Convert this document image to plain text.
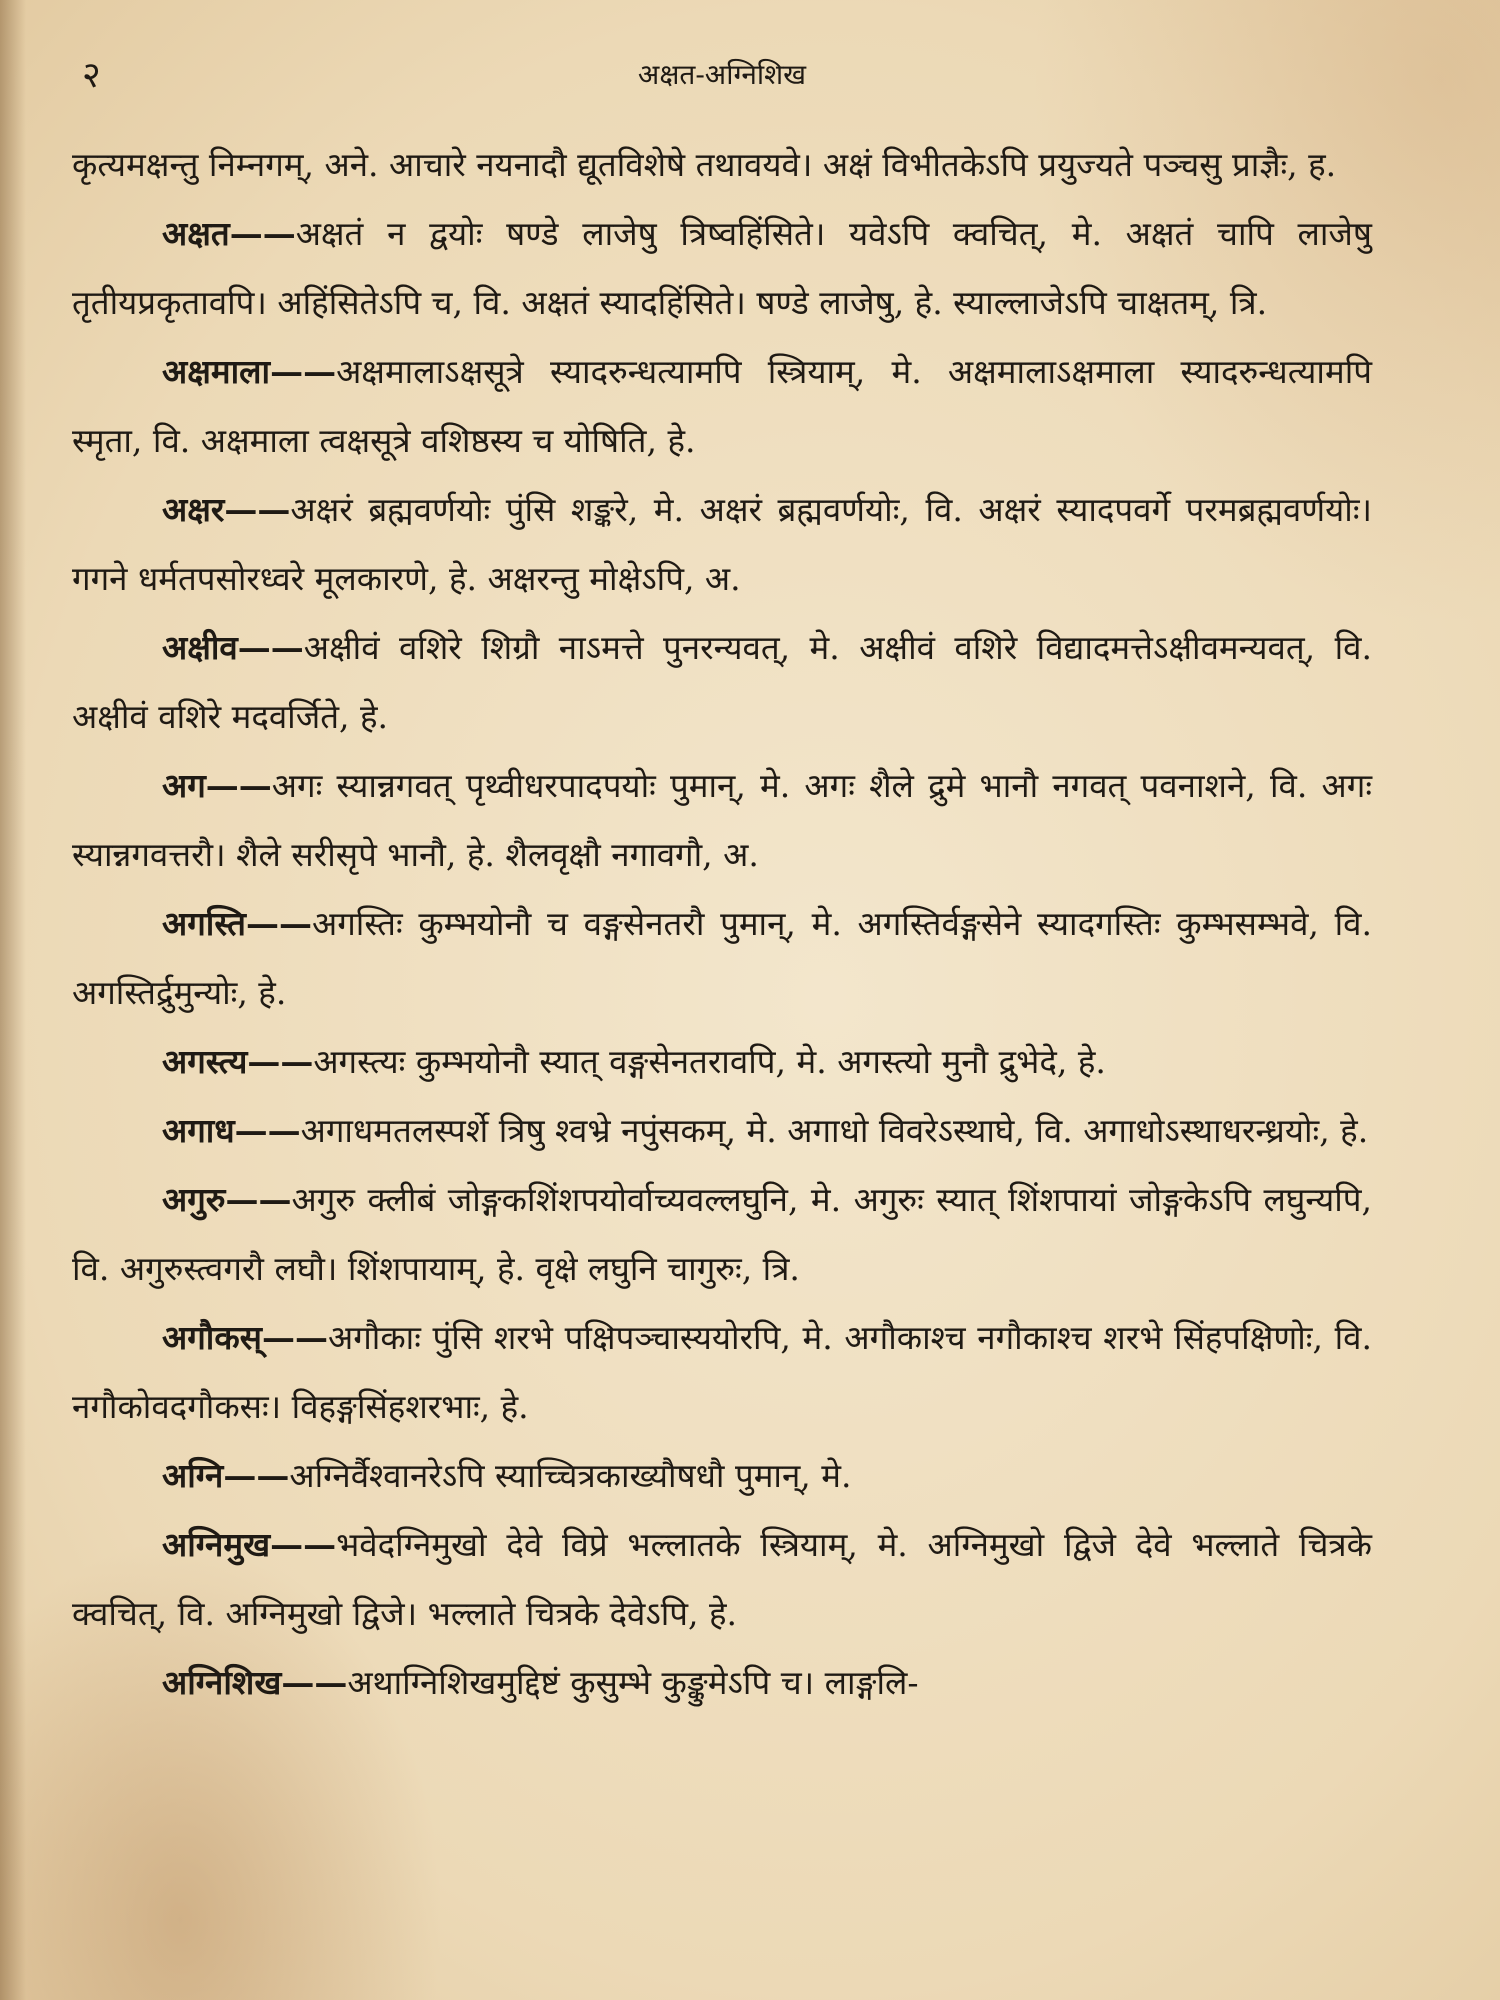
२	अक्षत-अग्निशिख

कृत्यमक्षन्तु निम्नगम्, अने. आचारे नयनादौ द्यूतविशेषे तथावयवे। अक्षं विभीतकेऽपि प्रयुज्यते पञ्चसु प्राज्ञैः, ह.

अक्षत——अक्षतं न द्वयोः षण्डे लाजेषु त्रिष्वहिंसिते। यवेऽपि क्वचित्, मे. अक्षतं चापि लाजेषु तृतीयप्रकृतावपि। अहिंसितेऽपि च, वि. अक्षतं स्यादहिंसिते। षण्डे लाजेषु, हे. स्याल्लाजेऽपि चाक्षतम्, त्रि.

अक्षमाला——अक्षमालाऽक्षसूत्रे स्यादरुन्धत्यामपि स्त्रियाम्, मे. अक्षमालाऽक्षमाला स्यादरुन्धत्यामपि स्मृता, वि. अक्षमाला त्वक्षसूत्रे वशिष्ठस्य च योषिति, हे.

अक्षर——अक्षरं ब्रह्मवर्णयोः पुंसि शङ्करे, मे. अक्षरं ब्रह्मवर्णयोः, वि. अक्षरं स्यादपवर्गे परमब्रह्मवर्णयोः। गगने धर्मतपसोरध्वरे मूलकारणे, हे. अक्षरन्तु मोक्षेऽपि, अ.

अक्षीव——अक्षीवं वशिरे शिग्रौ नाऽमत्ते पुनरन्यवत्, मे. अक्षीवं वशिरे विद्यादमत्तेऽक्षीवमन्यवत्, वि. अक्षीवं वशिरे मदवर्जिते, हे.

अग——अगः स्यान्नगवत् पृथ्वीधरपादपयोः पुमान्, मे. अगः शैले द्रुमे भानौ नगवत् पवनाशने, वि. अगः स्यान्नगवत्तरौ। शैले सरीसृपे भानौ, हे. शैलवृक्षौ नगावगौ, अ.

अगस्ति——अगस्तिः कुम्भयोनौ च वङ्गसेनतरौ पुमान्, मे. अगस्तिर्वङ्गसेने स्यादगस्तिः कुम्भसम्भवे, वि. अगस्तिर्द्रुमुन्योः, हे.

अगस्त्य——अगस्त्यः कुम्भयोनौ स्यात् वङ्गसेनतरावपि, मे. अगस्त्यो मुनौ द्रुभेदे, हे.

अगाध——अगाधमतलस्पर्शे त्रिषु श्वभ्रे नपुंसकम्, मे. अगाधो विवरेऽस्थाघे, वि. अगाधोऽस्थाधरन्ध्रयोः, हे.

अगुरु——अगुरु क्लीबं जोङ्गकशिंशपयोर्वाच्यवल्लघुनि, मे. अगुरुः स्यात् शिंशपायां जोङ्गकेऽपि लघुन्यपि, वि. अगुरुस्त्वगरौ लघौ। शिंशपायाम्, हे. वृक्षे लघुनि चागुरुः, त्रि.

अगौकस्——अगौकाः पुंसि शरभे पक्षिपञ्चास्ययोरपि, मे. अगौकाश्च नगौकाश्च शरभे सिंहपक्षिणोः, वि. नगौकोवदगौकसः। विहङ्गसिंहशरभाः, हे.

अग्नि——अग्निर्वैश्वानरेऽपि स्याच्चित्रकाख्यौषधौ पुमान्, मे.

अग्निमुख——भवेदग्निमुखो देवे विप्रे भल्लातके स्त्रियाम्, मे. अग्निमुखो द्विजे देवे भल्लाते चित्रके क्वचित्, वि. अग्निमुखो द्विजे। भल्लाते चित्रके देवेऽपि, हे.

अग्निशिख——अथाग्निशिखमुद्दिष्टं कुसुम्भे कुङ्कुमेऽपि च। लाङ्गलि-
